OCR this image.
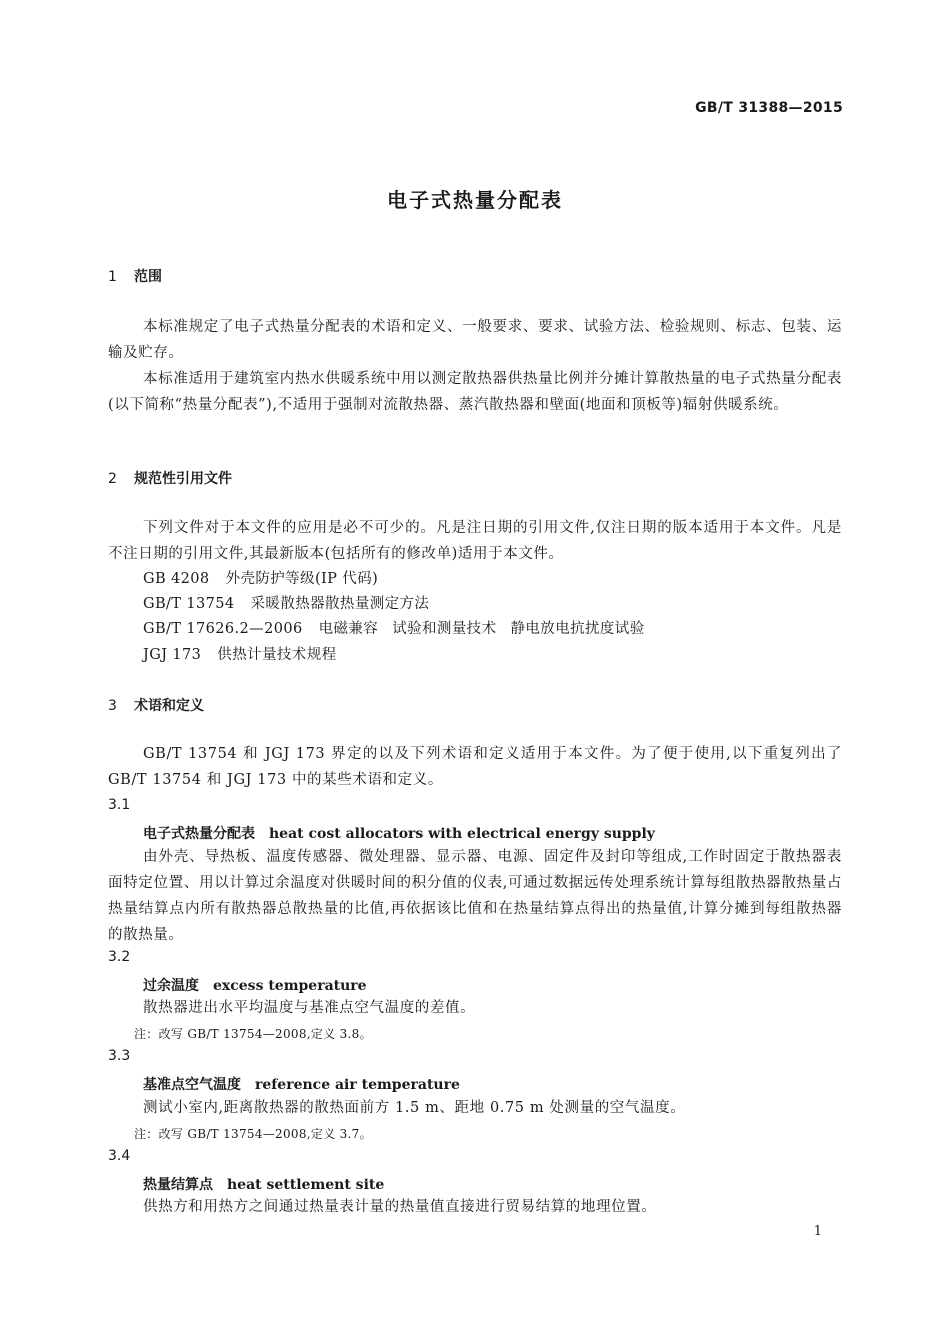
GB/T 31388—2015
电子式热量分配表
1 范围
本标准规定了电子式热量分配表的术语和定义、一般要求、要求、试验方法、检验规则、标志、包装、运输及贮存。
本标准适用于建筑室内热水供暖系统中用以测定散热器供热量比例并分摊计算散热量的电子式热量分配表(以下简称“热量分配表”),不适用于强制对流散热器、蒸汽散热器和壁面(地面和顶板等)辐射供暖系统。
2 规范性引用文件
下列文件对于本文件的应用是必不可少的。凡是注日期的引用文件,仅注日期的版本适用于本文件。凡是不注日期的引用文件,其最新版本(包括所有的修改单)适用于本文件。
GB 4208 外壳防护等级(IP 代码)
GB/T 13754 采暖散热器散热量测定方法
GB/T 17626.2—2006 电磁兼容 试验和测量技术 静电放电抗扰度试验
JGJ 173 供热计量技术规程
3 术语和定义
GB/T 13754 和 JGJ 173 界定的以及下列术语和定义适用于本文件。为了便于使用,以下重复列出了 GB/T 13754 和 JGJ 173 中的某些术语和定义。
3.1
电子式热量分配表 heat cost allocators with electrical energy supply
由外壳、导热板、温度传感器、微处理器、显示器、电源、固定件及封印等组成,工作时固定于散热器表面特定位置、用以计算过余温度对供暖时间的积分值的仪表,可通过数据远传处理系统计算每组散热器散热量占热量结算点内所有散热器总散热量的比值,再依据该比值和在热量结算点得出的热量值,计算分摊到每组散热器的散热量。
3.2
过余温度 excess temperature
散热器进出水平均温度与基准点空气温度的差值。
注：改写 GB/T 13754—2008,定义 3.8。
3.3
基准点空气温度 reference air temperature
测试小室内,距离散热器的散热面前方 1.5 m、距地 0.75 m 处测量的空气温度。
注：改写 GB/T 13754—2008,定义 3.7。
3.4
热量结算点 heat settlement site
供热方和用热方之间通过热量表计量的热量值直接进行贸易结算的地理位置。
1
